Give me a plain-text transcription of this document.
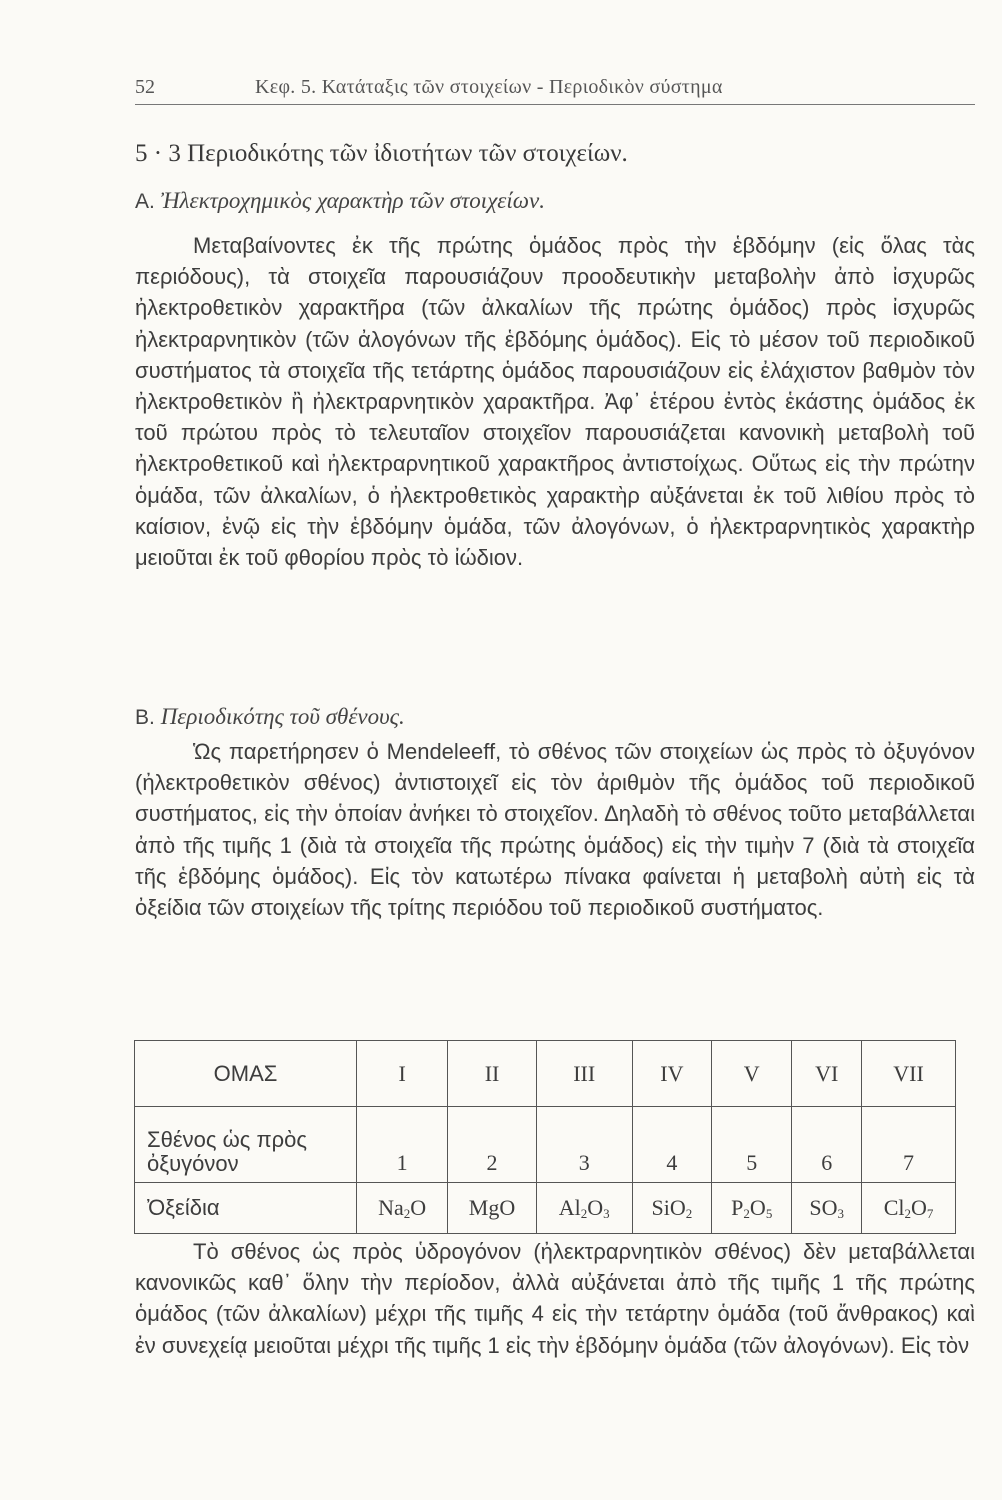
52	Κεφ. 5. Κατάταξις τῶν στοιχείων - Περιοδικὸν σύστημα
5 · 3 Περιοδικότης τῶν ἰδιοτήτων τῶν στοιχείων.
Α. Ἠλεκτροχημικὸς χαρακτὴρ τῶν στοιχείων.

Μεταβαίνοντες ἐκ τῆς πρώτης ὁμάδος πρὸς τὴν ἑβδόμην (εἰς ὅλας τὰς περιόδους), τὰ στοιχεῖα παρουσιάζουν προοδευτικὴν μεταβολὴν ἀπὸ ἰσχυρῶς ἠλεκτροθετικὸν χαρακτῆρα (τῶν ἀλκαλίων τῆς πρώτης ὁμάδος) πρὸς ἰσχυρῶς ἠλεκτραρνητικὸν (τῶν ἀλογόνων τῆς ἑβδόμης ὁμάδος). Εἰς τὸ μέσον τοῦ περιοδικοῦ συστήματος τὰ στοιχεῖα τῆς τετάρτης ὁμάδος παρουσιάζουν εἰς ἐλάχιστον βαθμὸν τὸν ἠλεκτροθετικὸν ἢ ἠλεκτραρνητικὸν χαρακτῆρα. Ἀφ᾽ ἑτέρου ἐντὸς ἑκάστης ὁμάδος ἐκ τοῦ πρώτου πρὸς τὸ τελευταῖον στοιχεῖον παρουσιάζεται κανονικὴ μεταβολὴ τοῦ ἠλεκτροθετικοῦ καὶ ἠλεκτραρνητικοῦ χαρακτῆρος ἀντιστοίχως. Οὕτως εἰς τὴν πρώτην ὁμάδα, τῶν ἀλκαλίων, ὁ ἠλεκτροθετικὸς χαρακτὴρ αὐξάνεται ἐκ τοῦ λιθίου πρὸς τὸ καίσιον, ἐνῷ εἰς τὴν ἑβδόμην ὁμάδα, τῶν ἀλογόνων, ὁ ἠλεκτραρνητικὸς χαρακτὴρ μειοῦται ἐκ τοῦ φθορίου πρὸς τὸ ἰώδιον.

Β. Περιοδικότης τοῦ σθένους.

Ὡς παρετήρησεν ὁ Mendeleeff, τὸ σθένος τῶν στοιχείων ὡς πρὸς τὸ ὀξυγόνον (ἠλεκτροθετικὸν σθένος) ἀντιστοιχεῖ εἰς τὸν ἀριθμὸν τῆς ὁμάδος τοῦ περιοδικοῦ συστήματος, εἰς τὴν ὁποίαν ἀνήκει τὸ στοιχεῖον. Δηλαδὴ τὸ σθένος τοῦτο μεταβάλλεται ἀπὸ τῆς τιμῆς 1 (διὰ τὰ στοιχεῖα τῆς πρώτης ὁμάδος) εἰς τὴν τιμὴν 7 (διὰ τὰ στοιχεῖα τῆς ἑβδόμης ὁμάδος). Εἰς τὸν κατωτέρω πίνακα φαίνεται ἡ μεταβολὴ αὐτὴ εἰς τὰ ὀξείδια τῶν στοιχείων τῆς τρίτης περιόδου τοῦ περιοδικοῦ συστήματος.

ΟΜΑΣ	I	II	III	IV	V	VI	VII
Σθένος ὡς πρὸς ὀξυγόνον	1	2	3	4	5	6	7
Ὀξείδια	$Na_2O$	MgO	$Al_2O_3$	SiO$_2$	$P_2O_5$	$SO_3$	$Cl_2O_7$

Τὸ σθένος ὡς πρὸς ὑδρογόνον (ἠλεκτραρνητικὸν σθένος) δὲν μεταβάλλεται κανονικῶς καθ᾽ ὅλην τὴν περίοδον, ἀλλὰ αὐξάνεται ἀπὸ τῆς τιμῆς 1 τῆς πρώτης ὁμάδος (τῶν ἀλκαλίων) μέχρι τῆς τιμῆς 4 εἰς τὴν τετάρτην ὁμάδα (τοῦ ἄνθρακος) καὶ ἐν συνεχείᾳ μειοῦται μέχρι τῆς τιμῆς 1 εἰς τὴν ἑβδόμην ὁμάδα (τῶν ἀλογόνων). Εἰς τὸν
